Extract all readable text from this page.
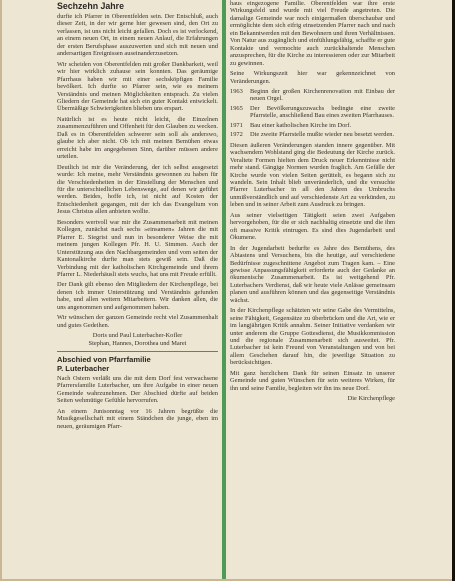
Sechzehn Jahre

durfte ich Pfarrer in Oberentfelden sein. Der Entschluß, auch dieser Zeit, in der wir gerne hier gewesen sind, den Ort zu verlassen, ist uns nicht leicht gefallen. Doch es ist verlockend, an einem neuen Ort, in einem neuen Anlauf, die Erfahrungen der ersten Berufsphase auszuwerten und sich mit neuen und andersartigen Ereignissen auseinanderzusetzen.

Wir scheiden von Oberentfelden mit großer Dankbarkeit, weil wir hier wirklich zuhause sein konnten. Das geräumige Pfarrhaus haben wir mit einer sechsköpfigen Familie bevölkert. Ich durfte so Pfarrer sein, wie es meinem Verständnis und meinen Möglichkeiten entsprach. Zu vielen Gliedern der Gemeinde hat sich ein guter Kontakt entwickelt. Übermäßige Schwierigkeiten blieben uns erspart.

Natürlich ist es heute nicht leicht, die Einzelnen zusammenzuführen und Offenheit für den Glauben zu wecken. Daß es in Oberentfelden schwerer sein soll als anderswo, glaube ich aber nicht. Ob ich mit meinen Bemühen etwas erreicht habe im angegebenen Sinn, darüber müssen andere urteilen.

Deutlich ist mir die Veränderung, der ich selbst ausgesetzt wurde: Ich meine, mehr Verständnis gewonnen zu haben für die Verschiedenheiten in der Einstellung der Menschen und für die unterschiedlichen Lebenswege, auf denen wir geführt werden. Beides, hoffe ich, ist nicht auf Kosten der Entschiedenheit gegangen, mit der ich das Evangelium von Jesus Christus allen anbieten wollte.

Besonders wertvoll war mir die Zusammenarbeit mit meinen Kollegen, zunächst nach sechs »einsamen« Jahren die mit Pfarrer E. Siegrist und nun in besonderer Weise die mit meinem jungen Kollegen Pfr. H. U. Simmen. Auch der Unterstützung aus den Nachbargemeinden und vom seiten der Kantonalkirche durfte man stets gewiß sein. Daß die Verbindung mit der katholischen Kirchgemeinde und ihrem Pfarrer L. Niederhäusli stets wuchs, hat uns mit Freude erfüllt.

Der Dank gilt ebenso den Mitgliedern der Kirchenpflege, bei denen ich immer Unterstützung und Verständnis gefunden habe, und allen weitern Mitarbeitern. Wir danken allen, die uns angenommen und aufgenommen haben.

Wir wünschen der ganzen Gemeinde recht viel Zusammenhalt und gutes Gedeihen.

Doris und Paul Luterbacher-Kofler
Stephan, Hannes, Dorothea und Marei
Abschied von Pfarrfamilie
P. Luterbacher

Nach Ostern verläßt uns die mit dem Dorf fest verwachsene Pfarrersfamilie Luterbacher, um ihre Aufgabe in einer neuen Gemeinde wahrzunehmen. Der Abschied dürfte auf beiden Seiten wehmütige Gefühle hervorrufen.

An einem Junisonntag vor 16 Jahren begrüßte die Musikgesellschaft mit einem Ständchen die junge, eben im neuen, geräumigen Pfarr-

haus eingezogene Familie. Oberentfelden war ihre erste Wirkungsfeld und wurde mit viel Freude angetreten. Die damalige Gemeinde war noch einigermaßen überschaubar und ermöglichte dem sich eifrig einsetzenden Pfarrer nach und nach ein Bekanntwerden mit den Bewohnern und ihren Verhältnissen. Von Natur aus zugänglich und einfühlungsfähig, schaffte er gute Kontakte und vermochte auch zurückhaltende Menschen anzusprechen, für die Kirche zu interessieren oder zur Mitarbeit zu gewinnen.

Seine Wirkungszeit hier war gekennzeichnet von Veränderungen.

1963	Beginn der großen Kirchenrenovation mit Einbau der neuen Orgel.
1965	Der Bevölkerungszuwachs bedingte eine zweite Pfarrstelle, anschließend Bau eines zweiten Pfarrhauses.
1971	Bau einer katholischen Kirche im Dorf.
1972	Die zweite Pfarrstelle mußte wieder neu besetzt werden.

Diesen äußeren Veränderungen standen innere gegenüber. Mit wachsendem Wohlstand ging die Bedeutung der Kirche zurück. Veraltete Formen hielten dem Druck neuer Erkenntnisse nicht mehr stand. Gängige Normen wurden fraglich. Am Gefälle der Kirche wurde von vielen Seiten gerüttelt, es begann sich zu wandeln. Sein Inhalt blieb unveränderlich, und die versuchte Pfarrer Luterbacher in all den Jahren des Umbruchs unmißverständlich und auf verschiedenste Art zu verkünden, zu leben und in seiner Arbeit zum Ausdruck zu bringen.

Aus seiner vielseitigen Tätigkeit seien zwei Aufgaben hervorgehoben, für die er sich nachhaltig einsetzte und die ihm oft massive Kritik eintrugen. Es sind dies Jugendarbeit und Ökumene.

In der Jugendarbeit bedurfte es Jahre des Bemühens, des Abtastens und Versuchens, bis die heutige, auf verschiedene Bedürfnisse zugeschnittene Angebot zum Tragen kam. – Eine gewisse Anpassungsfähigkeit erforderte auch der Gedanke an ökumenische Zusammenarbeit. Es ist weitgehend Pfr. Luterbachers Verdienst, daß wir heute viele Anlässe gemeinsam planen und ausführen können und das gegenseitige Verständnis wächst.

In der Kirchenpflege schätzten wir seine Gabe des Vermittelns, seine Fähigkeit, Gegensätze zu überbrücken und die Art, wie er im langjährigen Kritik annahm. Seiner Initiative verdanken wir unter anderem die Gruppe Gottesdienst, die Musikkommission und die regionale Zusammenarbeit sich ausweitet. Pfr. Luterbacher ist kein Freund von Veranstaltungen und von bei allem Geschehen darauf hin, die jeweilige Situation zu berücksichtigen.

Mit ganz herzlichem Dank für seinen Einsatz in unserer Gemeinde und guten Wünschen für sein weiteres Wirken, für ihn und seine Familie, begleiten wir ihn ins neue Dorf.

Die Kirchenpflege
